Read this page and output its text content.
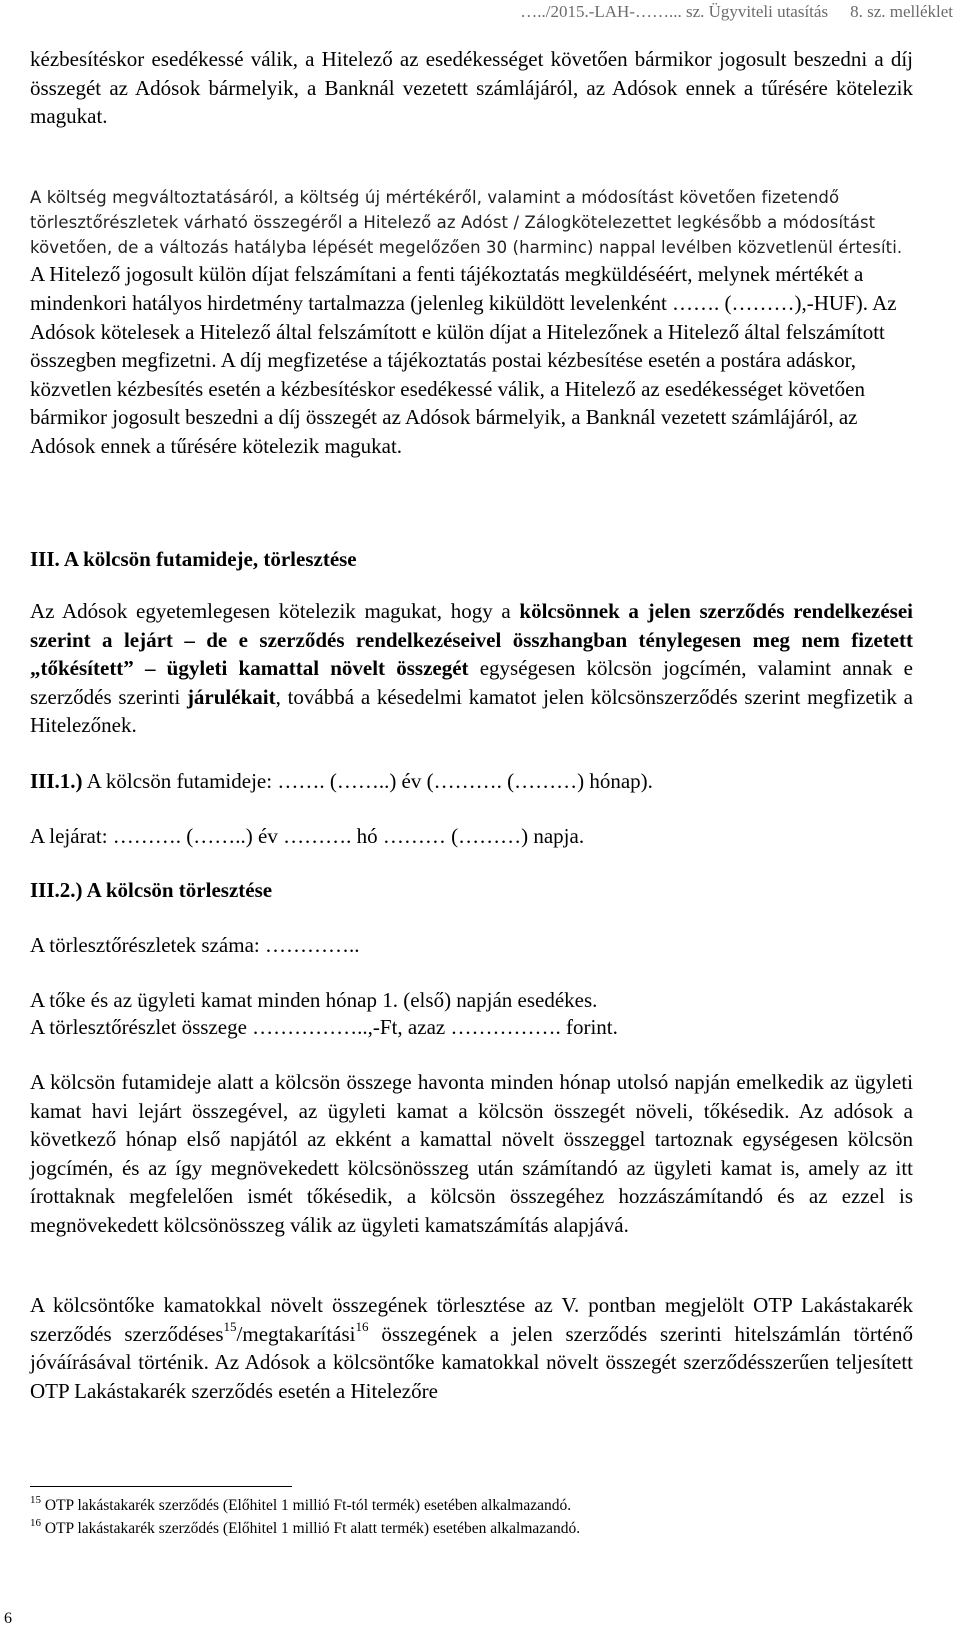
…../2015.-LAH-……... sz. Ügyviteli utasítás 8. sz. melléklet

kézbesítéskor esedékessé válik, a Hitelező az esedékességet követően bármikor jogosult beszedni a díj összegét az Adósok bármelyik, a Banknál vezetett számlájáról, az Adósok ennek a tűrésére kötelezik magukat.

A költség megváltoztatásáról, a költség új mértékéről, valamint a módosítást követően fizetendő törlesztőrészletek várható összegéről a Hitelező az Adóst / Zálogkötelezettet legkésőbb a módosítást követően, de a változás hatályba lépését megelőzően 30 (harminc) nappal levélben közvetlenül értesíti. A Hitelező jogosult külön díjat felszámítani a fenti tájékoztatás megküldéséért, melynek mértékét a mindenkori hatályos hirdetmény tartalmazza (jelenleg kiküldött levelenként ……. (………),-HUF). Az Adósok kötelesek a Hitelező által felszámított e külön díjat a Hitelezőnek a Hitelező által felszámított összegben megfizetni. A díj megfizetése a tájékoztatás postai kézbesítése esetén a postára adáskor, közvetlen kézbesítés esetén a kézbesítéskor esedékessé válik, a Hitelező az esedékességet követően bármikor jogosult beszedni a díj összegét az Adósok bármelyik, a Banknál vezetett számlájáról, az Adósok ennek a tűrésére kötelezik magukat.

III. A kölcsön futamideje, törlesztése

Az Adósok egyetemlegesen kötelezik magukat, hogy a kölcsönnek a jelen szerződés rendelkezései szerint a lejárt – de e szerződés rendelkezéseivel összhangban ténylegesen meg nem fizetett „tőkésített” – ügyleti kamattal növelt összegét egységesen kölcsön jogcímén, valamint annak e szerződés szerinti járulékait, továbbá a késedelmi kamatot jelen kölcsönszerződés szerint megfizetik a Hitelezőnek.

III.1.) A kölcsön futamideje: ……. (……..) év (………. (………) hónap).
A lejárat: ………. (……..) év ………. hó ……… (………) napja.
III.2.) A kölcsön törlesztése
A törlesztőrészletek száma: …………..
A tőke és az ügyleti kamat minden hónap 1. (első) napján esedékes.
A törlesztőrészlet összege ……………..,-Ft, azaz ……………. forint.

A kölcsön futamideje alatt a kölcsön összege havonta minden hónap utolsó napján emelkedik az ügyleti kamat havi lejárt összegével, az ügyleti kamat a kölcsön összegét növeli, tőkésedik. Az adósok a következő hónap első napjától az ekként a kamattal növelt összeggel tartoznak egységesen kölcsön jogcímén, és az így megnövekedett kölcsönösszeg után számítandó az ügyleti kamat is, amely az itt írottaknak megfelelően ismét tőkésedik, a kölcsön összegéhez hozzászámítandó és az ezzel is megnövekedett kölcsönösszeg válik az ügyleti kamatszámítás alapjává.

A kölcsöntőke kamatokkal növelt összegének törlesztése az V. pontban megjelölt OTP Lakástakarék szerződés szerződéses$^{15}$/megtakarítási$^{16}$ összegének a jelen szerződés szerinti hitelszámlán történő jóváírásával történik. Az Adósok a kölcsöntőke kamatokkal növelt összegét szerződésszerűen teljesített OTP Lakástakarék szerződés esetén a Hitelezőre

$^{15}$ OTP lakástakarék szerződés (Előhitel 1 millió Ft-tól termék) esetében alkalmazandó.
$^{16}$ OTP lakástakarék szerződés (Előhitel 1 millió Ft alatt termék) esetében alkalmazandó.
6
